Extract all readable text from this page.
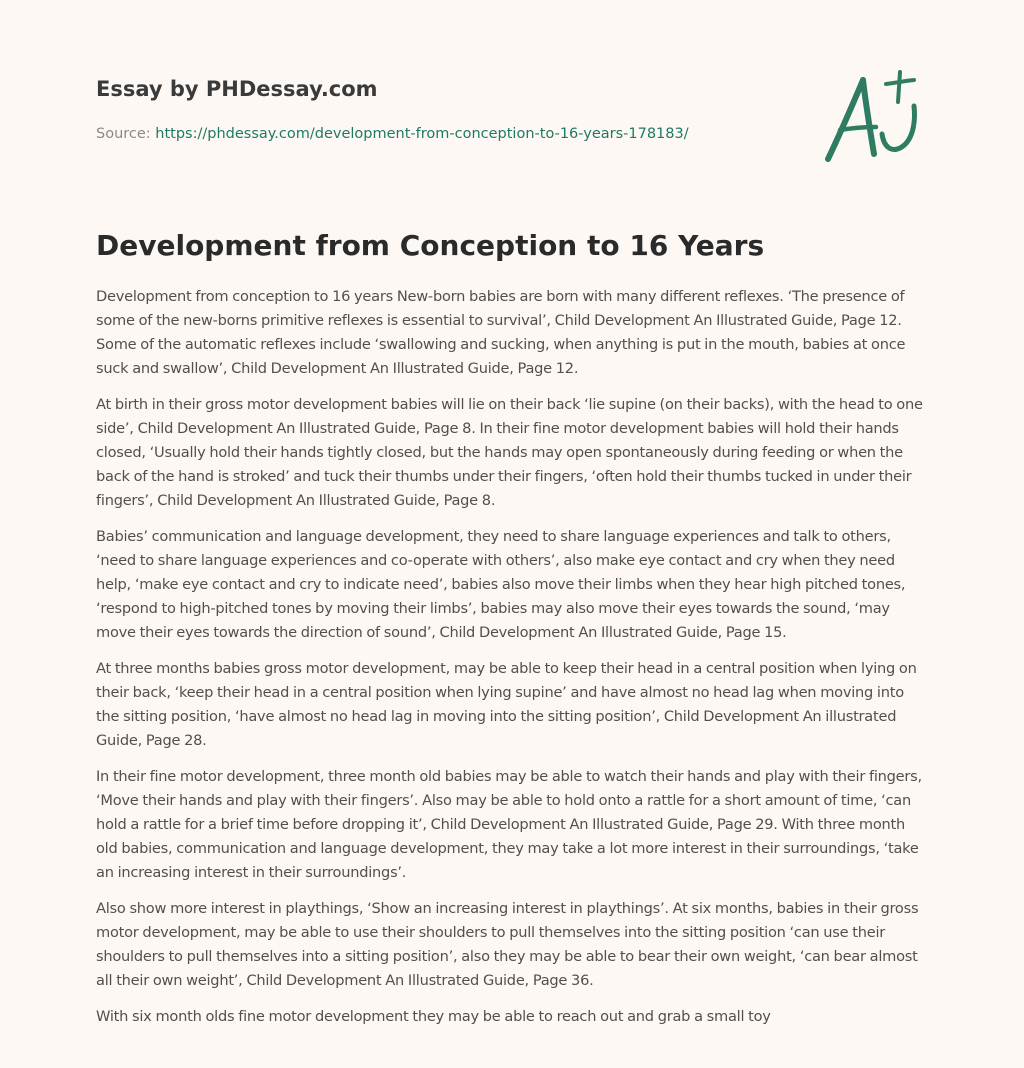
Essay by PHDessay.com
Source: https://phdessay.com/development-from-conception-to-16-years-178183/
Development from Conception to 16 Years

Development from conception to 16 years New-born babies are born with many different reflexes. ‘The presence of some of the new-borns primitive reflexes is essential to survival’, Child Development An Illustrated Guide, Page 12. Some of the automatic reflexes include ‘swallowing and sucking, when anything is put in the mouth, babies at once suck and swallow’, Child Development An Illustrated Guide, Page 12.

At birth in their gross motor development babies will lie on their back ‘lie supine (on their backs), with the head to one side’, Child Development An Illustrated Guide, Page 8. In their fine motor development babies will hold their hands closed, ‘Usually hold their hands tightly closed, but the hands may open spontaneously during feeding or when the back of the hand is stroked’ and tuck their thumbs under their fingers, ‘often hold their thumbs tucked in under their fingers’, Child Development An Illustrated Guide, Page 8.

Babies’ communication and language development, they need to share language experiences and talk to others, ‘need to share language experiences and co-operate with others’, also make eye contact and cry when they need help, ‘make eye contact and cry to indicate need’, babies also move their limbs when they hear high pitched tones, ‘respond to high-pitched tones by moving their limbs’, babies may also move their eyes towards the sound, ‘may move their eyes towards the direction of sound’, Child Development An Illustrated Guide, Page 15.

At three months babies gross motor development, may be able to keep their head in a central position when lying on their back, ‘keep their head in a central position when lying supine’ and have almost no head lag when moving into the sitting position, ‘have almost no head lag in moving into the sitting position’, Child Development An illustrated Guide, Page 28.

In their fine motor development, three month old babies may be able to watch their hands and play with their fingers, ‘Move their hands and play with their fingers’. Also may be able to hold onto a rattle for a short amount of time, ‘can hold a rattle for a brief time before dropping it’, Child Development An Illustrated Guide, Page 29. With three month old babies, communication and language development, they may take a lot more interest in their surroundings, ‘take an increasing interest in their surroundings’.

Also show more interest in playthings, ‘Show an increasing interest in playthings’. At six months, babies in their gross motor development, may be able to use their shoulders to pull themselves into the sitting position ‘can use their shoulders to pull themselves into a sitting position’, also they may be able to bear their own weight, ‘can bear almost all their own weight’, Child Development An Illustrated Guide, Page 36.

With six month olds fine motor development they may be able to reach out and grab a small toy
